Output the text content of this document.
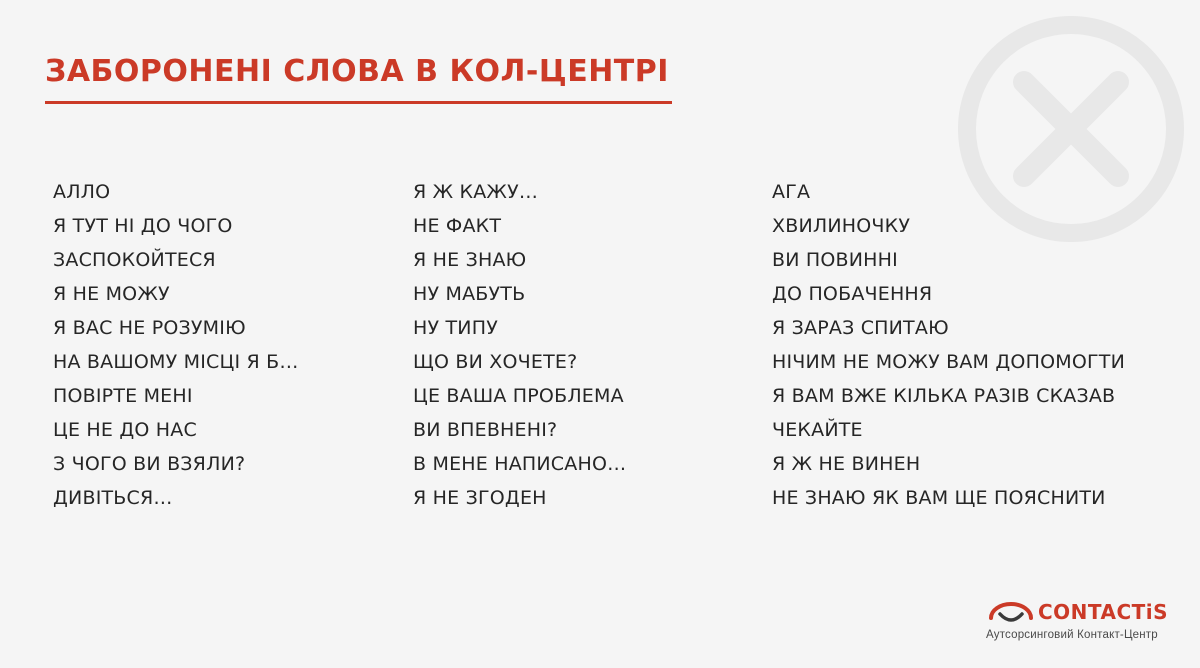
ЗАБОРОНЕНІ СЛОВА В КОЛ-ЦЕНТРІ
АЛЛО
Я ТУТ НІ ДО ЧОГО
ЗАСПОКОЙТЕСЯ
Я НЕ МОЖУ
Я ВАС НЕ РОЗУМІЮ
НА ВАШОМУ МІСЦІ Я Б…
ПОВІРТЕ МЕНІ
ЦЕ НЕ ДО НАС
З ЧОГО ВИ ВЗЯЛИ?
ДИВІТЬСЯ…
Я Ж КАЖУ…
НЕ ФАКТ
Я НЕ ЗНАЮ
НУ МАБУТЬ
НУ ТИПУ
ЩО ВИ ХОЧЕТЕ?
ЦЕ ВАША ПРОБЛЕМА
ВИ ВПЕВНЕНІ?
В МЕНЕ НАПИСАНО…
Я НЕ ЗГОДЕН
АГА
ХВИЛИНОЧКУ
ВИ ПОВИННІ
ДО ПОБАЧЕННЯ
Я ЗАРАЗ СПИТАЮ
НІЧИМ НЕ МОЖУ ВАМ ДОПОМОГТИ
Я ВАМ ВЖЕ КІЛЬКА РАЗІВ СКАЗАВ
ЧЕКАЙТЕ
Я Ж НЕ ВИНЕН
НЕ ЗНАЮ ЯК ВАМ ЩЕ ПОЯСНИТИ
CONTACTiS
Аутсорсинговий Контакт-Центр
